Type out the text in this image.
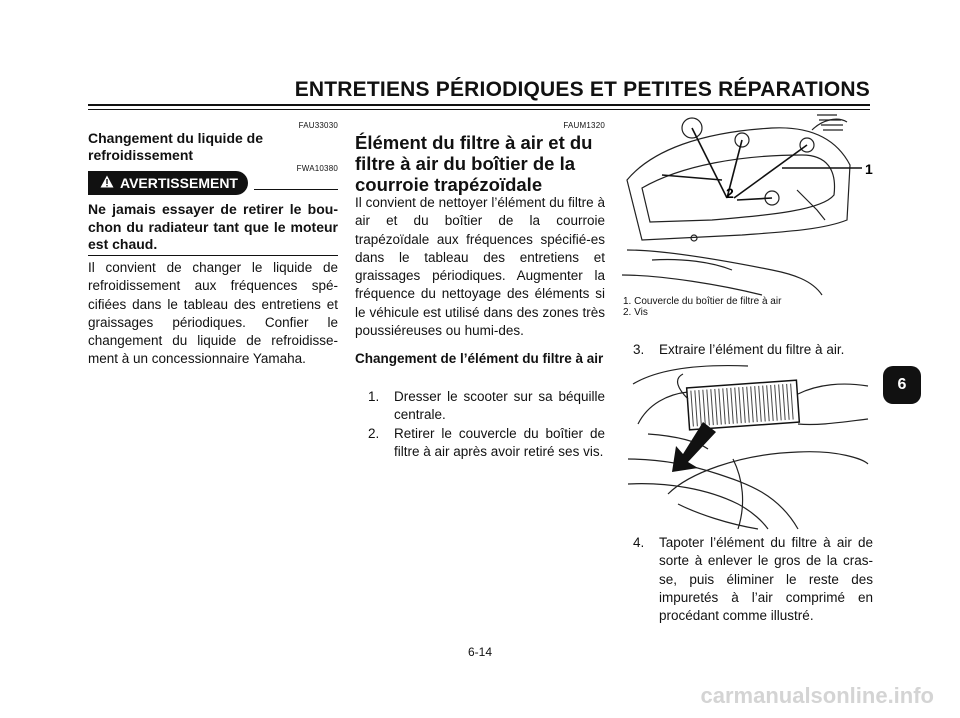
ENTRETIENS PÉRIODIQUES ET PETITES RÉPARATIONS
FAU33030
Changement du liquide de refroidissement
FWA10380
AVERTISSEMENT
Ne jamais essayer de retirer le bou-chon du radiateur tant que le moteur est chaud.
Il convient de changer le liquide de refroidissement aux fréquences spé-cifiées dans le tableau des entretiens et graissages périodiques. Confier le changement du liquide de refroidisse-ment à un concessionnaire Yamaha.
FAUM1320
Élément du filtre à air et du filtre à air du boîtier de la courroie trapézoïdale
Il convient de nettoyer l’élément du filtre à air et du boîtier de la courroie trapézoïdale aux fréquences spécifié-es dans le tableau des entretiens et graissages périodiques. Augmenter la fréquence du nettoyage des éléments si le véhicule est utilisé dans des zones très poussiéreuses ou humi-des.
Changement de l’élément du filtre à air
1. Dresser le scooter sur sa béquille centrale.
2. Retirer le couvercle du boîtier de filtre à air après avoir retiré ses vis.
1
2
1. Couvercle du boîtier de filtre à air
2. Vis
3. Extraire l’élément du filtre à air.
4. Tapoter l’élément du filtre à air de sorte à enlever le gros de la cras-se, puis éliminer le reste des impuretés à l’air comprimé en procédant comme illustré.
6
6-14
carmanualsonline.info
